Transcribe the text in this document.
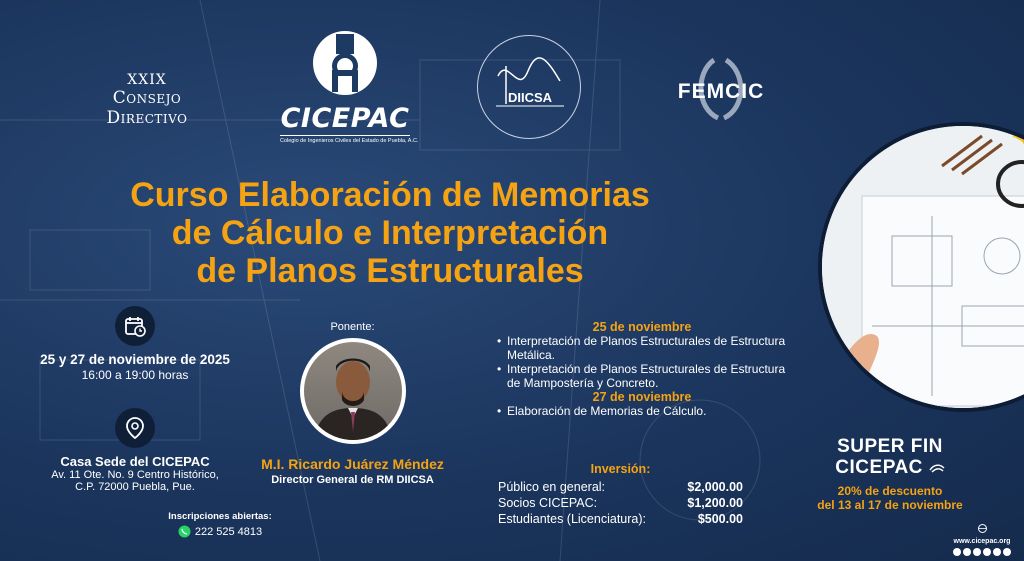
XXIX
Consejo Directivo	CICEPAC
Colegio de Ingenieros Civiles del Estado de Puebla, A.C.
DIICSA	FEMCIC
Curso Elaboración de Memorias
de Cálculo e Interpretación
de Planos Estructurales
25 y 27 de noviembre de 2025
16:00 a 19:00 horas
Casa Sede del CICEPAC
Av. 11 Ote. No. 9 Centro Histórico,
C.P. 72000 Puebla, Pue.
Inscripciones abiertas:
222 525 4813
Ponente:
M.I. Ricardo Juárez Méndez
Director General de RM DIICSA
25 de noviembre
• Interpretación de Planos Estructurales de Estructura Metálica.
• Interpretación de Planos Estructurales de Estructura de Mampostería y Concreto.
27 de noviembre
• Elaboración de Memorias de Cálculo.
Inversión:
Público en general:	$2,000.00
Socios CICEPAC:	$1,200.00
Estudiantes (Licenciatura):	$500.00
SUPER FIN
CICEPAC
20% de descuento
del 13 al 17 de noviembre
www.cicepac.org
